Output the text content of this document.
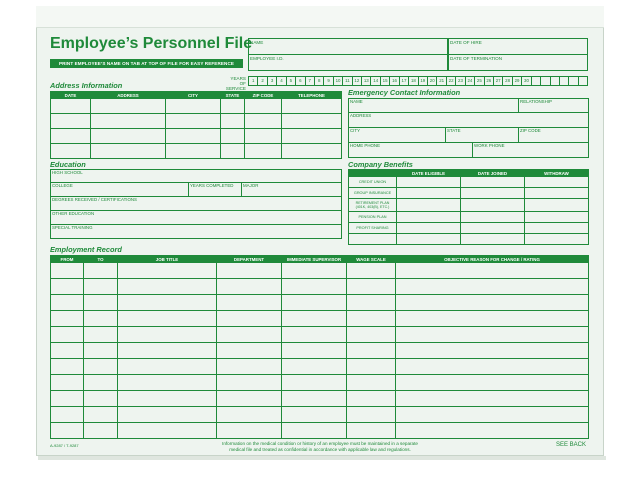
Employee’s Personnel File
PRINT EMPLOYEE’S NAME ON TAB AT TOP OF FILE FOR EASY REFERENCE
NAME
EMPLOYEE I.D.
DATE OF HIRE
DATE OF TERMINATION
YEARS OF SERVICE
1	2	3	4	5	6	7	8	9	10	11	12	13	14	15	16	17	18	19	20	21	22	23	24	25	26	27	28	29	30
Address Information
DATE	ADDRESS	CITY	STATE	ZIP CODE	TELEPHONE

						Emergency Contact Information
NAME			RELATIONSHIP
ADDRESS			
CITY	STATE		ZIP CODE
HOME PHONE		WORK PHONE	
Education
HIGH SCHOOL
COLLEGE	YEARS COMPLETED	MAJOR
DEGREES RECEIVED / CERTIFICATIONS
OTHER EDUCATION
SPECIAL TRAINING
Company Benefits
	DATE ELIGIBLE	DATE JOINED	WITHDRAW
CREDIT UNION			
GROUP INSURANCE			
RETIREMENT PLAN (401K, 403(B), ETC.)			
PENSION PLAN			
PROFIT SHARING			

Employment Record
FROM	TO	JOB TITLE	DEPARTMENT	IMMEDIATE SUPERVISOR	WAGE SCALE	OBJECTIVE REASON FOR CHANGE / RATING

A-9287 / T-9287	Information on the medical condition or history of an employee must be maintained in a separate
medical file and treated as confidential in accordance with applicable law and regulations.
SEE BACK
